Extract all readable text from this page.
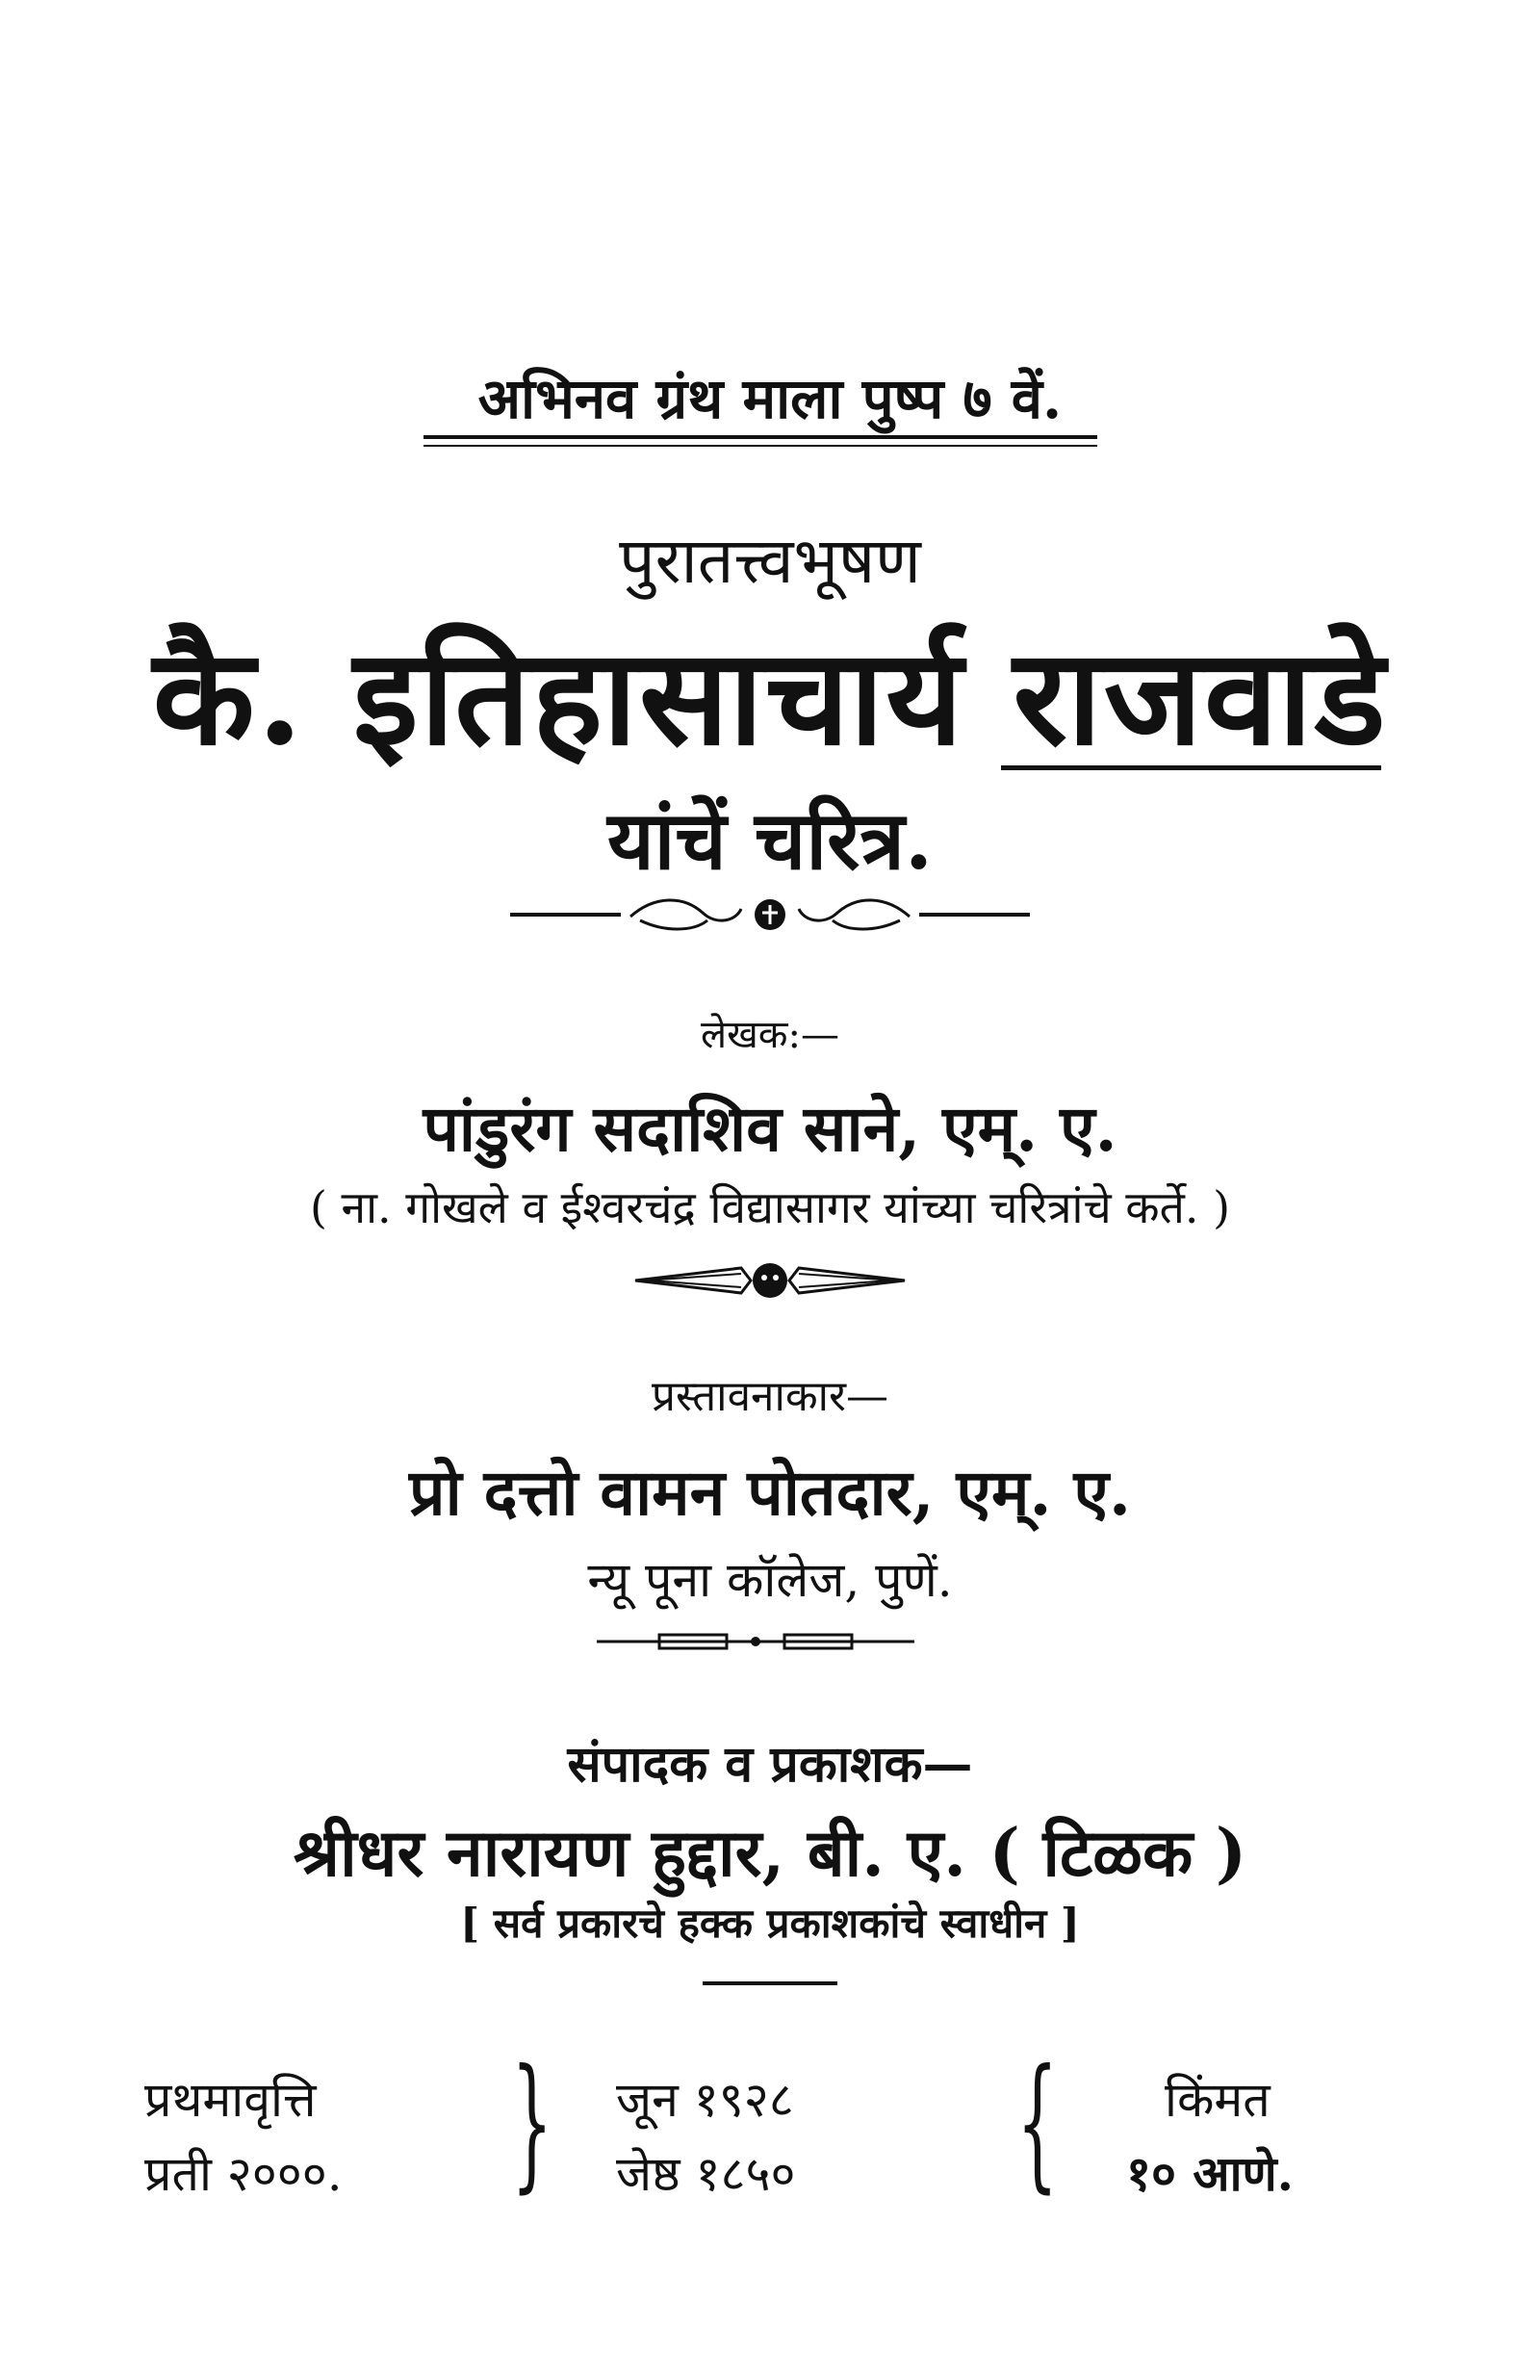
अभिनव ग्रंथ माला पुष्प ७ वें.
पुरातत्त्वभूषण
कै. इतिहासाचार्य राजवाडे
यांचें चरित्र.
लेखक:—
पांडुरंग सदाशिव साने, एम्. ए.
( ना. गोखले व ईश्वरचंद्र विद्यासागर यांच्या चरित्रांचे कर्ते. )
प्रस्तावनाकार—
प्रो दत्तो वामन पोतदार, एम्. ए.
न्यू पूना कॉलेज, पुणें.
संपादक व प्रकाशक—
श्रीधर नारायण हुद्दार, बी. ए. ( टिळक )
[ सर्व प्रकारचे हक्क प्रकाशकांचे स्वाधीन ]
प्रथमावृत्ति
प्रती २०००. } जून १९२८
जेष्ठ १८५० { किंमत
१० आणे.
